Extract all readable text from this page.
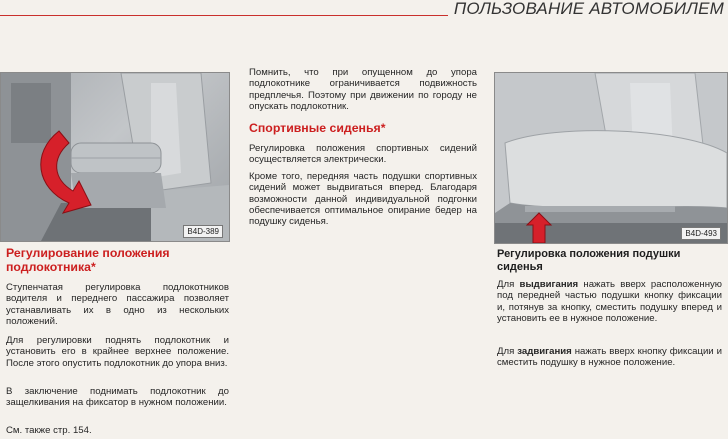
ПОЛЬЗОВАНИЕ АВТОМОБИЛЕМ
B4D-389	B4D-493
Регулирование положения подлокотника*

Ступенчатая регулировка подлокотников водителя и переднего пассажира позволяет устанавливать их в одно из нескольких положений.

Для регулировки поднять подлокотник и установить его в крайнее верхнее положение. После этого опустить подлокотник до упора вниз.

В заключение поднимать подлокотник до защелкивания на фиксатор в нужном положении.

См. также стр. 154.

Помнить, что при опущенном до упора подлокотнике ограничивается подвижность предплечья. Поэтому при движении по городу не опускать подлокотник.

Спортивные сиденья*

Регулировка положения спортивных сидений осуществляется электрически.

Кроме того, передняя часть подушки спортивных сидений может выдвигаться вперед. Благодаря возможности данной индивидуальной подгонки обеспечивается оптимальное опирание бедер на подушку сиденья.

Регулировка положения подушки сиденья

Для выдвигания нажать вверх расположенную под передней частью подушки кнопку фиксации и, потянув за кнопку, сместить подушку вперед и установить ее в нужное положение.

Для задвигания нажать вверх кнопку фиксации и сместить подушку в нужное положение.
